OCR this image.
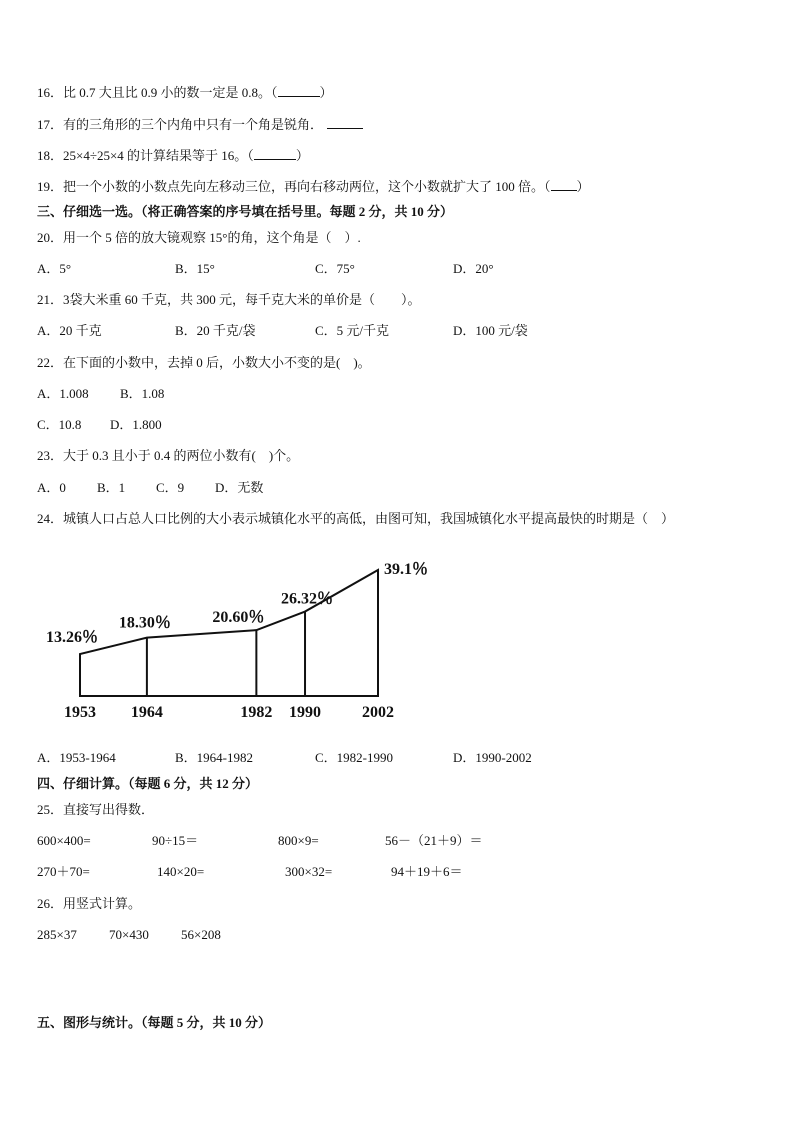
16．比 0.7 大且比 0.9 小的数一定是 0.8。（	）
17．有的三角形的三个内角中只有一个角是锐角．
18．25×4÷25×4 的计算结果等于 16。（	）
19．把一个小数的小数点先向左移动三位，再向右移动两位，这个小数就扩大了 100 倍。（ ）
三、仔细选一选。（将正确答案的序号填在括号里。每题 2 分，共 10 分）
20．用一个 5 倍的放大镜观察 15°的角，这个角是（　）.
A．5°	B．15°	C．75°	D．20°
21．3袋大米重 60 千克，共 300 元，每千克大米的单价是（　　）。
A．20 千克	B．20 千克/袋	C．5 元/千克	D．100 元/袋
22．在下面的小数中，去掉 0 后，小数大小不变的是(　)。
A．1.008 B．1.08
C．10.8 D．1.800
23．大于 0.3 且小于 0.4 的两位小数有(　)个。
A．0 B．1 C．9 D．无数
24．城镇人口占总人口比例的大小表示城镇化水平的高低，由图可知，我国城镇化水平提高最快的时期是（　）
13.26％
18.30％	20.60％
26.32％
39.1％
1953 1964	1982 1990	2002
A．1953-1964	B．1964-1982	C．1982-1990	D．1990-2002
四、仔细计算。（每题 6 分，共 12 分）
25．直接写出得数．
600×400=	90÷15＝	800×9=	56－（21＋9）＝
270＋70=	140×20=	300×32=	94＋19＋6＝
26．用竖式计算。
285×37 70×430 56×208
五、图形与统计。（每题 5 分，共 10 分）
